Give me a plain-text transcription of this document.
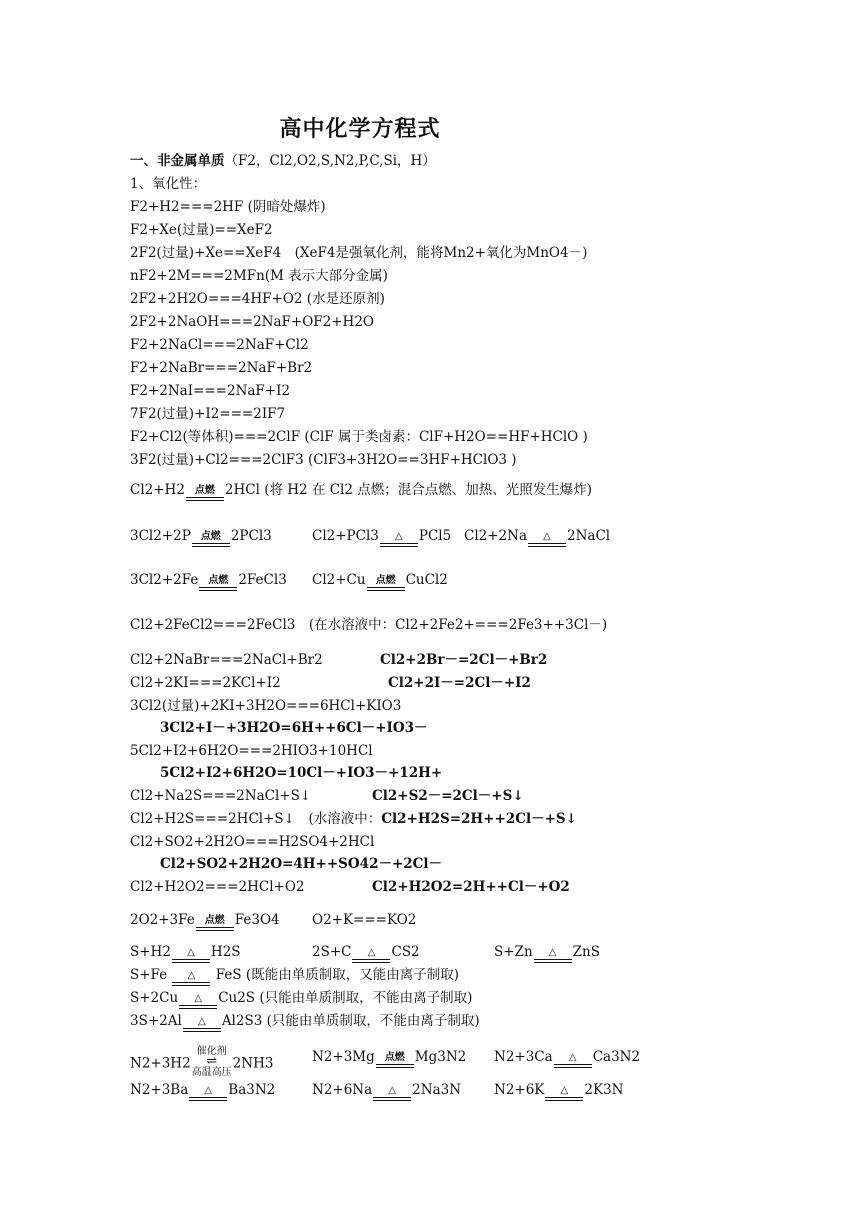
高中化学方程式
一、非金属单质（F2，Cl2,O2,S,N2,P,C,Si，H）
1、氧化性：
F2+H2===2HF (阴暗处爆炸)
F2+Xe(过量)==XeF2
2F2(过量)+Xe==XeF4　(XeF4是强氧化剂，能将Mn2+氧化为MnO4－)
nF2+2M===2MFn(M 表示大部分金属)
2F2+2H2O===4HF+O2 (水是还原剂)
2F2+2NaOH===2NaF+OF2+H2O
F2+2NaCl===2NaF+Cl2
F2+2NaBr===2NaF+Br2
F2+2NaI===2NaF+I2
7F2(过量)+I2===2IF7
F2+Cl2(等体积)===2ClF (ClF 属于类卤素：ClF+H2O==HF+HClO )
3F2(过量)+Cl2===2ClF3 (ClF3+3H2O==3HF+HClO3 )
Cl2+H2	点燃 2HCl (将 H2 在 Cl2 点燃；混合点燃、加热、光照发生爆炸)
3Cl2+2P	点燃 2PCl3	Cl2+PCl3	△	PCl5 Cl2+2Na	△	2NaCl
3Cl2+2Fe	点燃 2FeCl3 Cl2+Cu	点燃 CuCl2
Cl2+2FeCl2===2FeCl3　(在水溶液中：Cl2+2Fe2+===2Fe3++3Cl－)
Cl2+2NaBr===2NaCl+Br2	Cl2+2Br－=2Cl－+Br2
Cl2+2KI===2KCl+I2	Cl2+2I－=2Cl－+I2
3Cl2(过量)+2KI+3H2O===6HCl+KIO3
3Cl2+I－+3H2O=6H++6Cl－+IO3－
5Cl2+I2+6H2O===2HIO3+10HCl
5Cl2+I2+6H2O=10Cl－+IO3－+12H+
Cl2+Na2S===2NaCl+S↓	Cl2+S2－=2Cl－+S↓
Cl2+H2S===2HCl+S↓　(水溶液中：Cl2+H2S=2H++2Cl－+S↓
Cl2+SO2+2H2O===H2SO4+2HCl
Cl2+SO2+2H2O=4H++SO42－+2Cl－
Cl2+H2O2===2HCl+O2	Cl2+H2O2=2H++Cl－+O2
2O2+3Fe	点燃 Fe3O4 O2+K===KO2
S+H2	△	H2S	2S+C	△	CS2	S+Zn	△	ZnS
S+Fe	△	FeS (既能由单质制取，又能由离子制取)
S+2Cu	△	Cu2S (只能由单质制取，不能由离子制取)
3S+2Al	△	Al2S3 (只能由单质制取，不能由离子制取)
N2+3H2
催化剂
⇌
高温高压
2NH3	N2+3Mg	点燃 Mg3N2 N2+3Ca	△	Ca3N2
N2+3Ba	△	Ba3N2	N2+6Na	△	2Na3N N2+6K	△	2K3N
